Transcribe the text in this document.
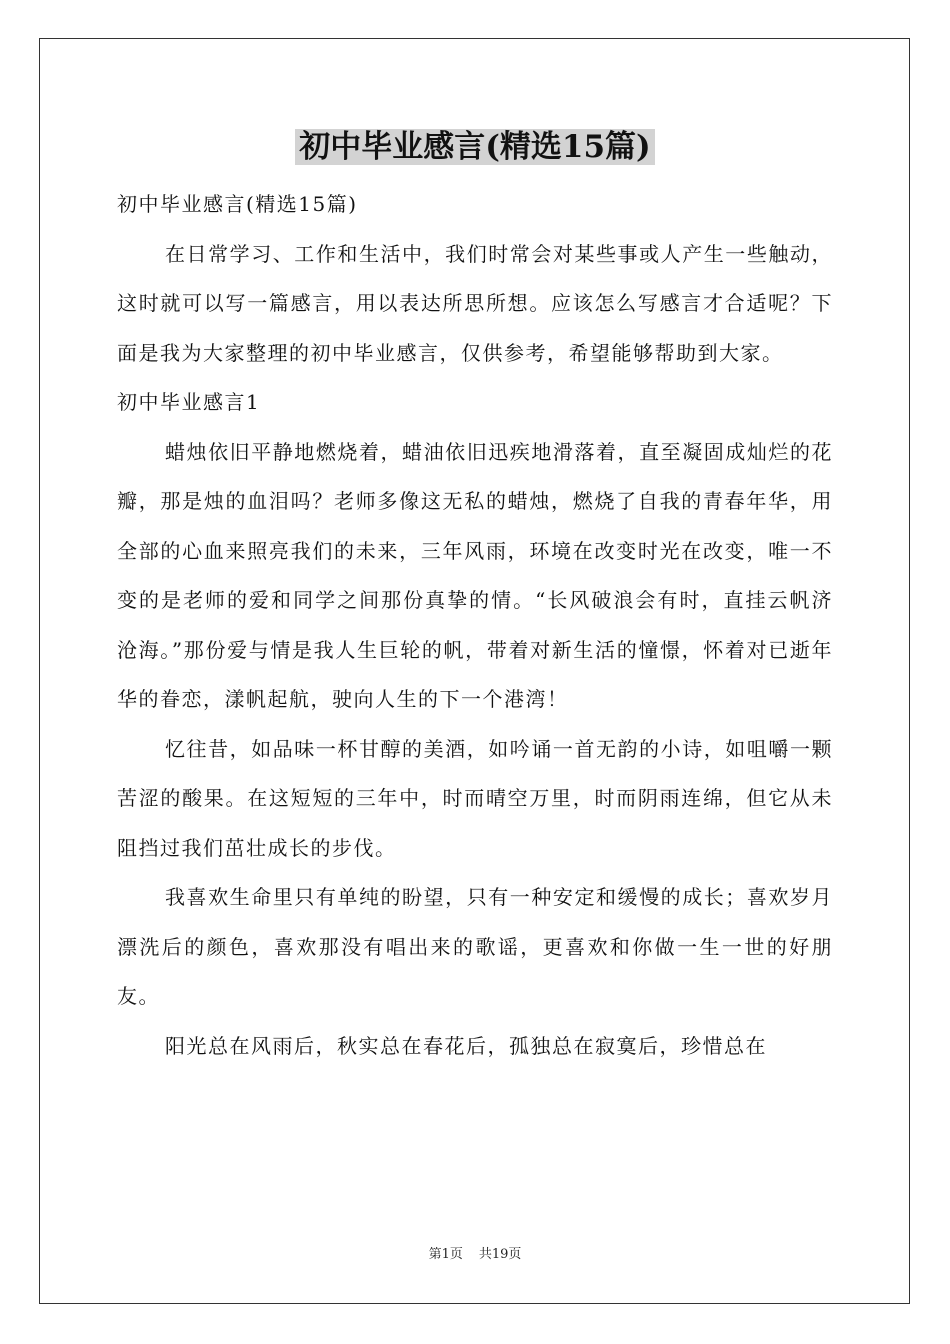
初中毕业感言(精选15篇)

初中毕业感言(精选15篇)

在日常学习、工作和生活中，我们时常会对某些事或人产生一些触动，这时就可以写一篇感言，用以表达所思所想。应该怎么写感言才合适呢？下面是我为大家整理的初中毕业感言，仅供参考，希望能够帮助到大家。

初中毕业感言1

蜡烛依旧平静地燃烧着，蜡油依旧迅疾地滑落着，直至凝固成灿烂的花瓣，那是烛的血泪吗？老师多像这无私的蜡烛，燃烧了自我的青春年华，用全部的心血来照亮我们的未来，三年风雨，环境在改变时光在改变，唯一不变的是老师的爱和同学之间那份真挚的情。“长风破浪会有时，直挂云帆济沧海。”那份爱与情是我人生巨轮的帆，带着对新生活的憧憬，怀着对已逝年华的眷恋，漾帆起航，驶向人生的下一个港湾！

忆往昔，如品味一杯甘醇的美酒，如吟诵一首无韵的小诗，如咀嚼一颗苦涩的酸果。在这短短的三年中，时而晴空万里，时而阴雨连绵，但它从未阻挡过我们茁壮成长的步伐。

我喜欢生命里只有单纯的盼望，只有一种安定和缓慢的成长；喜欢岁月漂洗后的颜色，喜欢那没有唱出来的歌谣，更喜欢和你做一生一世的好朋友。

阳光总在风雨后，秋实总在春花后，孤独总在寂寞后，珍惜总在

第1页 共19页
